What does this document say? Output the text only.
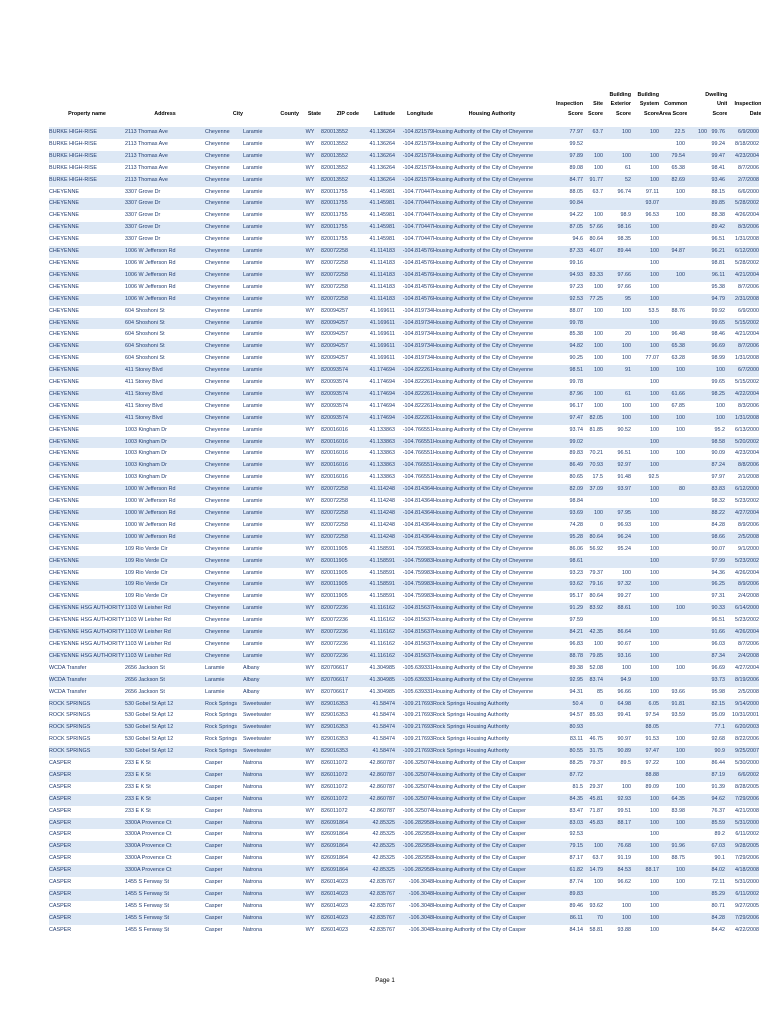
											Building	Building		Dwelling	
									Inspection	Site	Exterior	System	Common	Unit	Inspection
Property name	Address	City	County	State	ZIP code	Latitude	Longitude	Housing Authority	Score	Score	Score	Score	Area Score	Score	Date
BURKE HIGH-RISE	2113 Thomas Ave	Cheyenne	Laramie	WY	820013552	41.136264	-104.821579	Housing Authority of the City of Cheyenne	77.97	63.7	100	100	22.5	100	99.76	6/9/2000
BURKE HIGH-RISE	2113 Thomas Ave	Cheyenne	Laramie	WY	820013552	41.136264	-104.821579	Housing Authority of the City of Cheyenne	99.52				100		99.24	8/18/2002
BURKE HIGH-RISE	2113 Thomas Ave	Cheyenne	Laramie	WY	820013552	41.136264	-104.821579	Housing Authority of the City of Cheyenne	97.89	100	100	100	79.54		99.47	4/23/2004
BURKE HIGH-RISE	2113 Thomas Ave	Cheyenne	Laramie	WY	820013552	41.136264	-104.821579	Housing Authority of the City of Cheyenne	89.08	100	61	100	65.38		98.41	8/7/2006
BURKE HIGH-RISE	2113 Thomas Ave	Cheyenne	Laramie	WY	820013552	41.136264	-104.821579	Housing Authority of the City of Cheyenne	84.77	91.77	52	100	82.69		93.46	2/7/2008
CHEYENNE	3307 Grove Dr	Cheyenne	Laramie	WY	820011755	41.145981	-104.770447	Housing Authority of the City of Cheyenne	88.05	63.7	96.74	97.11	100		88.15	6/6/2000
CHEYENNE	3307 Grove Dr	Cheyenne	Laramie	WY	820011755	41.145981	-104.770447	Housing Authority of the City of Cheyenne	90.84			93.07			89.85	5/28/2002
CHEYENNE	3307 Grove Dr	Cheyenne	Laramie	WY	820011755	41.145981	-104.770447	Housing Authority of the City of Cheyenne	94.22	100	98.9	96.53	100		88.38	4/26/2004
CHEYENNE	3307 Grove Dr	Cheyenne	Laramie	WY	820011755	41.145981	-104.770447	Housing Authority of the City of Cheyenne	87.05	57.66	98.16	100			89.42	8/3/2006
CHEYENNE	3307 Grove Dr	Cheyenne	Laramie	WY	820011755	41.145981	-104.770447	Housing Authority of the City of Cheyenne	94.6	80.64	98.35	100			96.51	1/31/2008
CHEYENNE	1006 W Jefferson Rd	Cheyenne	Laramie	WY	820072258	41.114183	-104.814576	Housing Authority of the City of Cheyenne	87.33	46.07	89.44	100	94.87		96.21	6/12/2000
CHEYENNE	1006 W Jefferson Rd	Cheyenne	Laramie	WY	820072258	41.114183	-104.814576	Housing Authority of the City of Cheyenne	99.16			100			98.81	5/28/2002
CHEYENNE	1006 W Jefferson Rd	Cheyenne	Laramie	WY	820072258	41.114183	-104.814576	Housing Authority of the City of Cheyenne	94.93	83.33	97.66	100	100		96.11	4/21/2004
CHEYENNE	1006 W Jefferson Rd	Cheyenne	Laramie	WY	820072258	41.114183	-104.814576	Housing Authority of the City of Cheyenne	97.23	100	97.66	100			95.38	8/7/2006
CHEYENNE	1006 W Jefferson Rd	Cheyenne	Laramie	WY	820072258	41.114183	-104.814576	Housing Authority of the City of Cheyenne	92.53	77.25	95	100			94.79	2/31/2008
CHEYENNE	604 Shoshoni St	Cheyenne	Laramie	WY	820094257	41.169611	-104.819734	Housing Authority of the City of Cheyenne	88.07	100	100	53.5	88.76		99.92	6/9/2000
CHEYENNE	604 Shoshoni St	Cheyenne	Laramie	WY	820094257	41.169611	-104.819734	Housing Authority of the City of Cheyenne	99.78			100			99.65	5/15/2002
CHEYENNE	604 Shoshoni St	Cheyenne	Laramie	WY	820094257	41.169611	-104.819734	Housing Authority of the City of Cheyenne	85.38	100	20	100	96.48		98.46	4/21/2004
CHEYENNE	604 Shoshoni St	Cheyenne	Laramie	WY	820094257	41.169611	-104.819734	Housing Authority of the City of Cheyenne	94.82	100	100	100	65.38		96.69	8/7/2006
CHEYENNE	604 Shoshoni St	Cheyenne	Laramie	WY	820094257	41.169611	-104.819734	Housing Authority of the City of Cheyenne	90.25	100	100	77.07	63.28		98.99	1/31/2008
CHEYENNE	411 Storey Blvd	Cheyenne	Laramie	WY	820093574	41.174694	-104.822261	Housing Authority of the City of Cheyenne	98.51	100	91	100	100		100	6/7/2000
CHEYENNE	411 Storey Blvd	Cheyenne	Laramie	WY	820093574	41.174694	-104.822261	Housing Authority of the City of Cheyenne	99.78			100			99.65	5/15/2002
CHEYENNE	411 Storey Blvd	Cheyenne	Laramie	WY	820093574	41.174694	-104.822261	Housing Authority of the City of Cheyenne	87.96	100	61	100	61.66		98.25	4/22/2004
CHEYENNE	411 Storey Blvd	Cheyenne	Laramie	WY	820093574	41.174694	-104.822261	Housing Authority of the City of Cheyenne	96.17	100	100	100	67.85		100	8/3/2006
CHEYENNE	411 Storey Blvd	Cheyenne	Laramie	WY	820093574	41.174694	-104.822261	Housing Authority of the City of Cheyenne	97.47	82.05	100	100	100		100	1/31/2008
CHEYENNE	1003 Kingham Dr	Cheyenne	Laramie	WY	820016016	41.133863	-104.766551	Housing Authority of the City of Cheyenne	93.74	81.85	90.52	100	100		95.2	6/13/2000
CHEYENNE	1003 Kingham Dr	Cheyenne	Laramie	WY	820016016	41.133863	-104.766551	Housing Authority of the City of Cheyenne	99.02			100			98.58	5/20/2002
CHEYENNE	1003 Kingham Dr	Cheyenne	Laramie	WY	820016016	41.133863	-104.766551	Housing Authority of the City of Cheyenne	89.83	70.21	96.51	100	100		90.09	4/23/2004
CHEYENNE	1003 Kingham Dr	Cheyenne	Laramie	WY	820016016	41.133863	-104.766551	Housing Authority of the City of Cheyenne	86.49	70.93	92.97	100			87.24	8/8/2006
CHEYENNE	1003 Kingham Dr	Cheyenne	Laramie	WY	820016016	41.133863	-104.766551	Housing Authority of the City of Cheyenne	80.65	17.5	91.48	92.5			97.97	2/1/2008
CHEYENNE	1000 W Jefferson Rd	Cheyenne	Laramie	WY	820072258	41.114248	-104.814364	Housing Authority of the City of Cheyenne	82.09	37.09	93.97	100	80		83.83	6/12/2000
CHEYENNE	1000 W Jefferson Rd	Cheyenne	Laramie	WY	820072258	41.114248	-104.814364	Housing Authority of the City of Cheyenne	98.84			100			98.32	5/23/2002
CHEYENNE	1000 W Jefferson Rd	Cheyenne	Laramie	WY	820072258	41.114248	-104.814364	Housing Authority of the City of Cheyenne	93.69	100	97.95	100			88.22	4/27/2004
CHEYENNE	1000 W Jefferson Rd	Cheyenne	Laramie	WY	820072258	41.114248	-104.814364	Housing Authority of the City of Cheyenne	74.28	0	96.93	100			84.28	8/9/2006
CHEYENNE	1000 W Jefferson Rd	Cheyenne	Laramie	WY	820072258	41.114248	-104.814364	Housing Authority of the City of Cheyenne	95.28	80.64	96.24	100			98.66	2/5/2008
CHEYENNE	109 Rio Verde Cir	Cheyenne	Laramie	WY	820011905	41.158591	-104.759983	Housing Authority of the City of Cheyenne	86.06	56.92	95.24	100			90.07	9/1/2000
CHEYENNE	109 Rio Verde Cir	Cheyenne	Laramie	WY	820011905	41.158591	-104.759983	Housing Authority of the City of Cheyenne	98.61			100			97.99	5/23/2002
CHEYENNE	109 Rio Verde Cir	Cheyenne	Laramie	WY	820011905	41.158591	-104.759983	Housing Authority of the City of Cheyenne	93.23	79.37	100	100			94.36	4/26/2004
CHEYENNE	109 Rio Verde Cir	Cheyenne	Laramie	WY	820011905	41.158591	-104.759983	Housing Authority of the City of Cheyenne	93.62	79.16	97.32	100			96.25	8/9/2006
CHEYENNE	109 Rio Verde Cir	Cheyenne	Laramie	WY	820011905	41.158591	-104.759983	Housing Authority of the City of Cheyenne	95.17	80.64	99.27	100			97.31	2/4/2008
CHEYENNE HSG AUTHORITY	1103 W Leisher Rd	Cheyenne	Laramie	WY	820072236	41.116162	-104.815637	Housing Authority of the City of Cheyenne	91.29	83.92	88.61	100	100		90.33	6/14/2000
CHEYENNE HSG AUTHORITY	1103 W Leisher Rd	Cheyenne	Laramie	WY	820072236	41.116162	-104.815637	Housing Authority of the City of Cheyenne	97.59			100			96.51	5/23/2002
CHEYENNE HSG AUTHORITY	1103 W Leisher Rd	Cheyenne	Laramie	WY	820072236	41.116162	-104.815637	Housing Authority of the City of Cheyenne	84.21	42.35	86.64	100			91.66	4/26/2004
CHEYENNE HSG AUTHORITY	1103 W Leisher Rd	Cheyenne	Laramie	WY	820072236	41.116162	-104.815637	Housing Authority of the City of Cheyenne	96.83	100	90.67	100			96.03	8/7/2006
CHEYENNE HSG AUTHORITY	1103 W Leisher Rd	Cheyenne	Laramie	WY	820072236	41.116162	-104.815637	Housing Authority of the City of Cheyenne	88.78	79.85	93.16	100			87.34	2/4/2008
WCDA Transfer	2656 Jackson St	Laramie	Albany	WY	820706617	41.304985	-105.639331	Housing Authority of the City of Cheyenne	89.38	52.08	100	100	100		96.69	4/27/2004
WCDA Transfer	2656 Jackson St	Laramie	Albany	WY	820706617	41.304985	-105.639331	Housing Authority of the City of Cheyenne	92.95	83.74	94.9	100			93.73	8/19/2006
WCDA Transfer	2656 Jackson St	Laramie	Albany	WY	820706617	41.304985	-105.639331	Housing Authority of the City of Cheyenne	94.31	85	96.66	100	93.66		95.98	2/5/2008
ROCK SPRINGS	530 Gobel St Apt 12	Rock Springs	Sweetwater	WY	829016353	41.58474	-109.217693	Rock Springs Housing Authority	50.4	0	64.98	6.05	91.81		82.15	9/14/2000
ROCK SPRINGS	530 Gobel St Apt 12	Rock Springs	Sweetwater	WY	829016353	41.58474	-109.217693	Rock Springs Housing Authority	94.57	85.93	99.41	97.54	93.59		95.09	10/31/2001
ROCK SPRINGS	530 Gobel St Apt 12	Rock Springs	Sweetwater	WY	829016353	41.58474	-109.217693	Rock Springs Housing Authority	80.93			88.05			77.1	6/20/2003
ROCK SPRINGS	530 Gobel St Apt 12	Rock Springs	Sweetwater	WY	829016353	41.58474	-109.217693	Rock Springs Housing Authority	83.11	46.75	90.97	91.53	100		92.68	8/22/2006
ROCK SPRINGS	530 Gobel St Apt 12	Rock Springs	Sweetwater	WY	829016353	41.58474	-109.217693	Rock Springs Housing Authority	80.55	31.75	90.89	97.47	100		90.9	9/25/2007
CASPER	233 E K St	Casper	Natrona	WY	826011072	42.860787	-106.325074	Housing Authority of the City of Casper	88.25	79.37	89.5	97.22	100		86.44	5/30/2000
CASPER	233 E K St	Casper	Natrona	WY	826011072	42.860787	-106.325074	Housing Authority of the City of Casper	87.72			88.88			87.19	6/6/2002
CASPER	233 E K St	Casper	Natrona	WY	826011072	42.860787	-106.325074	Housing Authority of the City of Casper	81.5	29.37	100	89.09	100		91.39	8/28/2005
CASPER	233 E K St	Casper	Natrona	WY	826011072	42.860787	-106.325074	Housing Authority of the City of Casper	84.35	45.81	92.93	100	64.35		94.62	7/29/2006
CASPER	233 E K St	Casper	Natrona	WY	826011072	42.860787	-106.325074	Housing Authority of the City of Casper	83.47	71.87	99.51	100	83.98		76.37	4/21/2008
CASPER	3300A Provence Ct	Casper	Natrona	WY	826091864	42.85325	-106.282958	Housing Authority of the City of Casper	83.03	45.83	88.17	100	100		85.59	5/31/2000
CASPER	3300A Provence Ct	Casper	Natrona	WY	826091864	42.85325	-106.282958	Housing Authority of the City of Casper	92.53			100			89.2	6/11/2002
CASPER	3300A Provence Ct	Casper	Natrona	WY	826091864	42.85325	-106.282958	Housing Authority of the City of Casper	79.15	100	76.68	100	91.96		67.03	9/28/2005
CASPER	3300A Provence Ct	Casper	Natrona	WY	826091864	42.85325	-106.282958	Housing Authority of the City of Casper	87.17	63.7	91.19	100	88.75		90.1	7/29/2006
CASPER	3300A Provence Ct	Casper	Natrona	WY	826091864	42.85325	-106.282958	Housing Authority of the City of Casper	61.82	14.79	84.53	88.17	100		84.02	4/18/2008
CASPER	1455 S Fenway St	Casper	Natrona	WY	826014023	42.835767	-106.3048	Housing Authority of the City of Casper	87.74	100	96.62	100	100		72.11	5/31/2000
CASPER	1455 S Fenway St	Casper	Natrona	WY	826014023	42.835767	-106.3048	Housing Authority of the City of Casper	89.83			100			85.29	6/11/2002
CASPER	1455 S Fenway St	Casper	Natrona	WY	826014023	42.835767	-106.3048	Housing Authority of the City of Casper	89.46	93.62	100	100			80.71	9/27/2005
CASPER	1455 S Fenway St	Casper	Natrona	WY	826014023	42.835767	-106.3048	Housing Authority of the City of Casper	86.11	70	100	100			84.28	7/29/2006
CASPER	1455 S Fenway St	Casper	Natrona	WY	826014023	42.835767	-106.3048	Housing Authority of the City of Casper	84.14	58.81	93.88	100			84.42	4/22/2008
Page 1
